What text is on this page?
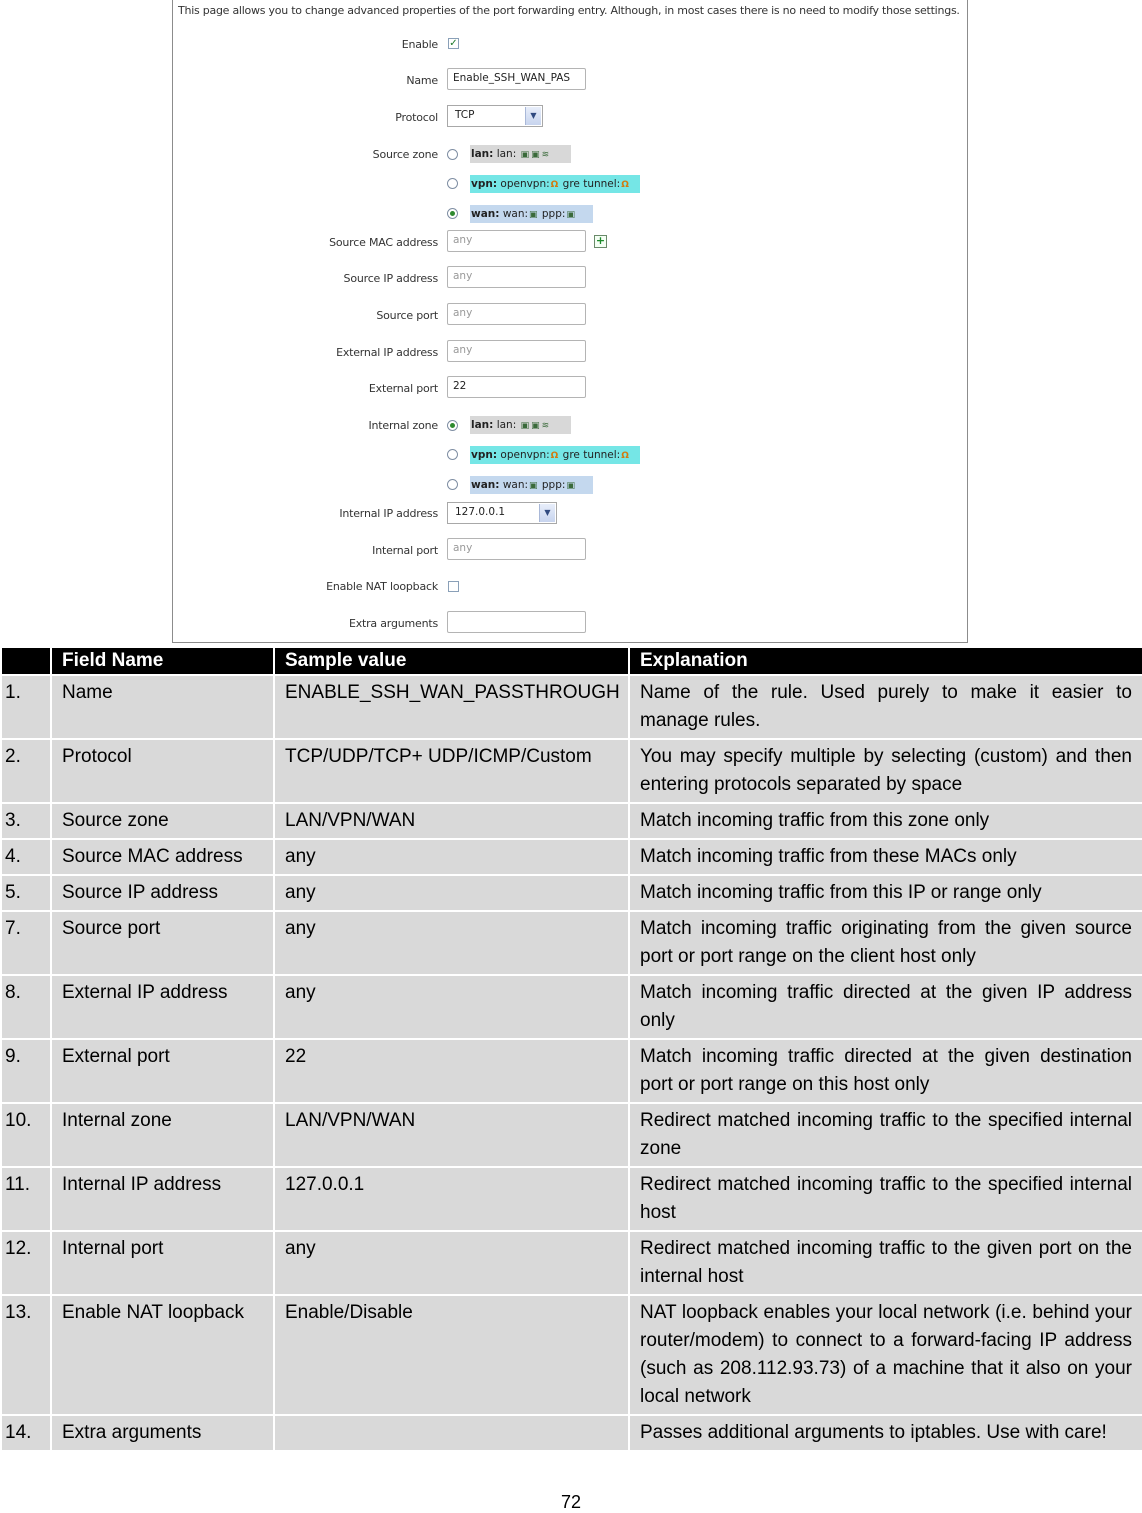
This page allows you to change advanced properties of the port forwarding entry. Although, in most cases there is no need to modify those settings.
Enable ✓
Name	Enable_SSH_WAN_PAS
Protocol	TCP	▼
Source zone	lan: lan: ▣ ▣ ≋
vpn: openvpn:Ω gre tunnel:Ω
wan: wan:▣ ppp:▣
Source MAC address	any	+
Source IP address	any
Source port	any
External IP address	any
External port	22
Internal zone	lan: lan: ▣ ▣ ≋
vpn: openvpn:Ω gre tunnel:Ω
wan: wan:▣ ppp:▣
Internal IP address	127.0.0.1	▼
Internal port	any
Enable NAT loopback
Extra arguments
	Field Name	Sample value	Explanation
1.	Name	ENABLE_SSH_WAN_PASSTHROUGH	Name of the rule. Used purely to make it easier to manage rules.
2.	Protocol	TCP/UDP/TCP+ UDP/ICMP/Custom	You may specify multiple by selecting (custom) and then entering protocols separated by space
3.	Source zone	LAN/VPN/WAN	Match incoming traffic from this zone only
4.	Source MAC address	any	Match incoming traffic from these MACs only
5.	Source IP address	any	Match incoming traffic from this IP or range only
7.	Source port	any	Match incoming traffic originating from the given source port or port range on the client host only
8.	External IP address	any	Match incoming traffic directed at the given IP address only
9.	External port	22	Match incoming traffic directed at the given destination port or port range on this host only
10.	Internal zone	LAN/VPN/WAN	Redirect matched incoming traffic to the specified internal zone
11.	Internal IP address	127.0.0.1	Redirect matched incoming traffic to the specified internal host
12.	Internal port	any	Redirect matched incoming traffic to the given port on the internal host
13.	Enable NAT loopback	Enable/Disable	NAT loopback enables your local network (i.e. behind your router/modem) to connect to a forward-facing IP address (such as 208.112.93.73) of a machine that it also on your local network
14.	Extra arguments		Passes additional arguments to iptables. Use with care!
72
